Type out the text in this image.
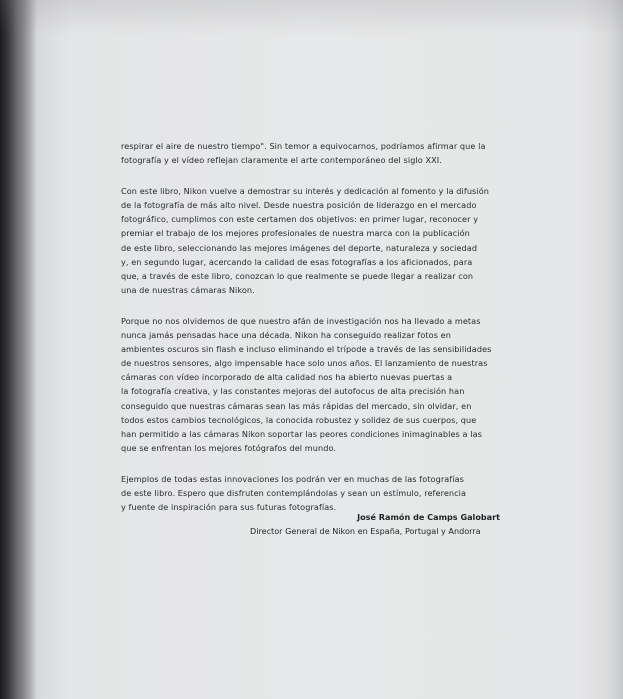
respirar el aire de nuestro tiempo". Sin temor a equivocarnos, podríamos afirmar que la
fotografía y el vídeo reflejan claramente el arte contemporáneo del siglo XXI.

Con este libro, Nikon vuelve a demostrar su interés y dedicación al fomento y la difusión
de la fotografía de más alto nivel. Desde nuestra posición de liderazgo en el mercado
fotográfico, cumplimos con este certamen dos objetivos: en primer lugar, reconocer y
premiar el trabajo de los mejores profesionales de nuestra marca con la publicación
de este libro, seleccionando las mejores imágenes del deporte, naturaleza y sociedad
y, en segundo lugar, acercando la calidad de esas fotografías a los aficionados, para
que, a través de este libro, conozcan lo que realmente se puede llegar a realizar con
una de nuestras cámaras Nikon.

Porque no nos olvidemos de que nuestro afán de investigación nos ha llevado a metas
nunca jamás pensadas hace una década. Nikon ha conseguido realizar fotos en
ambientes oscuros sin flash e incluso eliminando el trípode a través de las sensibilidades
de nuestros sensores, algo impensable hace solo unos años. El lanzamiento de nuestras
cámaras con vídeo incorporado de alta calidad nos ha abierto nuevas puertas a
la fotografía creativa, y las constantes mejoras del autofocus de alta precisión han
conseguido que nuestras cámaras sean las más rápidas del mercado, sin olvidar, en
todos estos cambios tecnológicos, la conocida robustez y solidez de sus cuerpos, que
han permitido a las cámaras Nikon soportar las peores condiciones inimaginables a las
que se enfrentan los mejores fotógrafos del mundo.

Ejemplos de todas estas innovaciones los podrán ver en muchas de las fotografías
de este libro. Espero que disfruten contemplándolas y sean un estímulo, referencia
y fuente de inspiración para sus futuras fotografías.

José Ramón de Camps Galobart
Director General de Nikon en España, Portugal y Andorra
